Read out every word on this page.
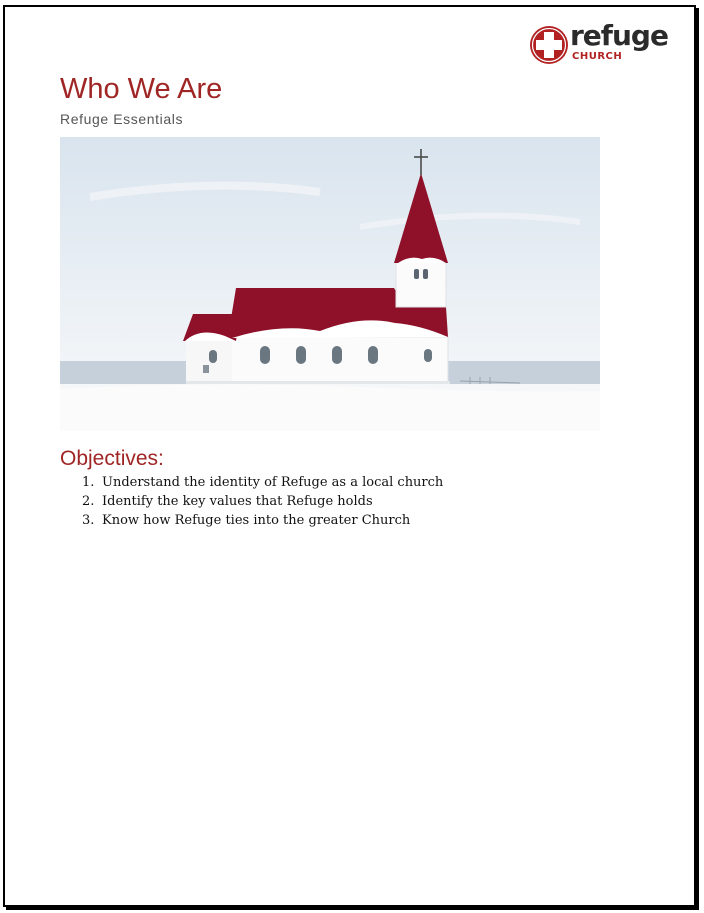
refuge
CHURCH
Who We Are
Refuge Essentials
Objectives:
1. Understand the identity of Refuge as a local church
2. Identify the key values that Refuge holds
3. Know how Refuge ties into the greater Church
